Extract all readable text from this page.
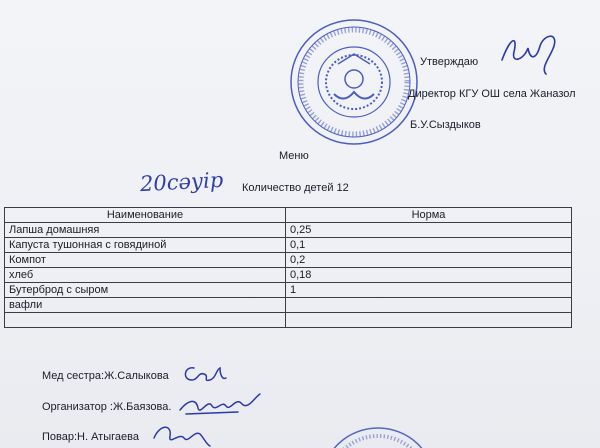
Утверждаю
Директор КГУ ОШ села Жаназол
Б.У.Сыздыков
Меню
20сәуір Количество детей 12
Наименование	Норма
Лапша домашняя	0,25
Капуста тушонная с говядиной	0,1
Компот	0,2
хлеб	0,18
Бутерброд с сыром	1
вафли	

Мед сестра:Ж.Салыкова
Организатор :Ж.Баязова.
Повар:Н. Атыгаева
